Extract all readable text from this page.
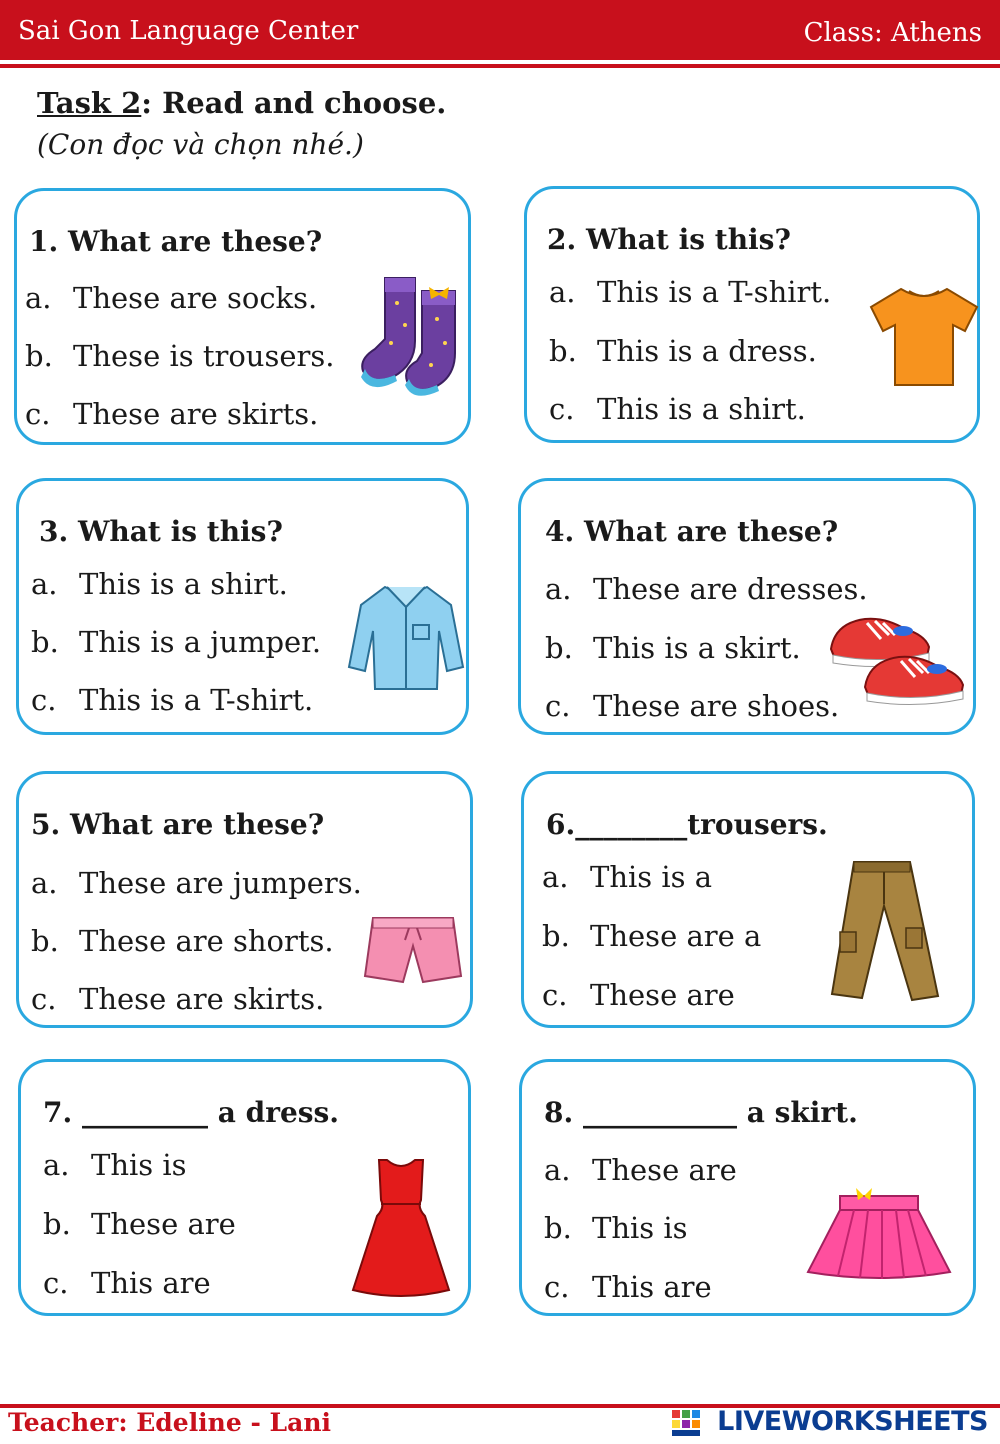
Sai Gon Language Center	Class: Athens
Task 2: Read and choose.
(Con đọc và chọn nhé.)
1. What are these?
a. These are socks.
b. These is trousers.
c. These are skirts.
2. What is this?
a. This is a T-shirt.
b. This is a dress.
c. This is a shirt.
3. What is this?
a. This is a shirt.
b. This is a jumper.
c. This is a T-shirt.
4. What are these?
a. These are dresses.
b. This is a skirt.
c. These are shoes.
5. What are these?
a. These are jumpers.
b. These are shorts.
c. These are skirts.
6.________trousers.
a. This is a
b. These are a
c. These are
7. _________ a dress.
a. This is
b. These are
c. This are
8. ___________ a skirt.
a. These are
b. This is
c. This are
Teacher: Edeline - Lani	LIVEWORKSHEETS
